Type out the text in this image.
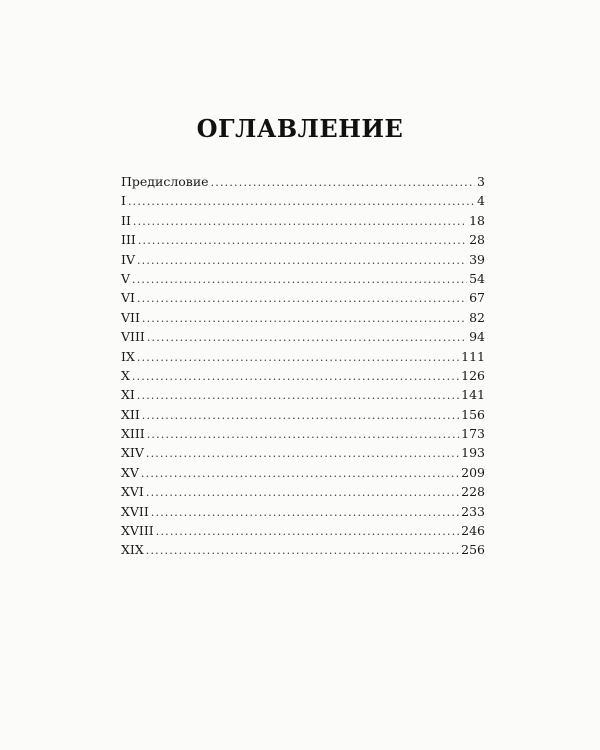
ОГЛАВЛЕНИЕ
Предисловие .....	3
I .....	4
II .....	18
III .....	28
IV .....	39
V .....	54
VI .....	67
VII .....	82
VIII .....	94
IX .....	111
X .....	126
XI .....	141
XII .....	156
XIII .....	173
XIV .....	193
XV .....	209
XVI .....	228
XVII .....	233
XVIII .....	246
XIX .....	256
